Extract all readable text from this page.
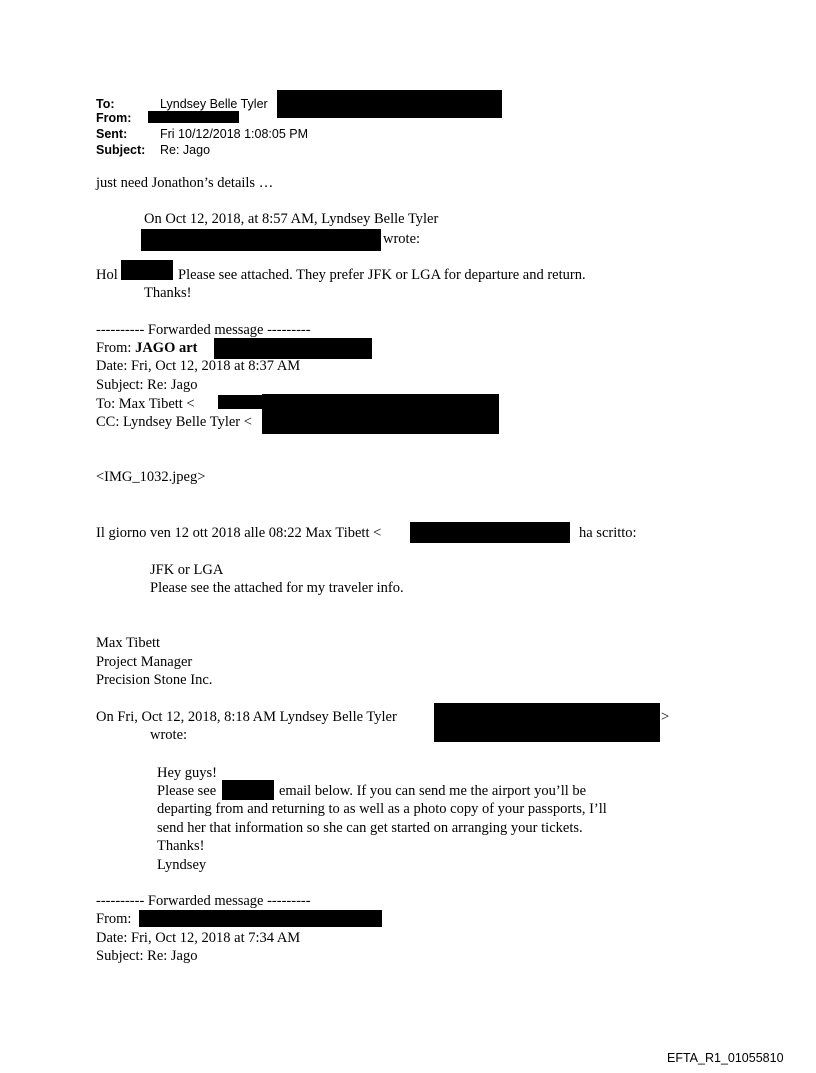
To:	Lyndsey Belle Tyler
From:
Sent:	Fri 10/12/2018 1:08:05 PM
Subject: Re: Jago
just need Jonathon’s details …
On Oct 12, 2018, at 8:57 AM, Lyndsey Belle Tyler
wrote:
Hol	Please see attached. They prefer JFK or LGA for departure and return.
Thanks!
---------- Forwarded message ---------
From: JAGO art
Date: Fri, Oct 12, 2018 at 8:37 AM
Subject: Re: Jago
To: Max Tibett <
CC: Lyndsey Belle Tyler <
<IMG_1032.jpeg>
Il giorno ven 12 ott 2018 alle 08:22 Max Tibett <	ha scritto:
JFK or LGA
Please see the attached for my traveler info.
Max Tibett
Project Manager
Precision Stone Inc.
On Fri, Oct 12, 2018, 8:18 AM Lyndsey Belle Tyler	>
wrote:
Hey guys!
Please see	email below. If you can send me the airport you’ll be
departing from and returning to as well as a photo copy of your passports, I’ll
send her that information so she can get started on arranging your tickets.
Thanks!
Lyndsey
---------- Forwarded message ---------
From:
Date: Fri, Oct 12, 2018 at 7:34 AM
Subject: Re: Jago
EFTA_R1_01055810
